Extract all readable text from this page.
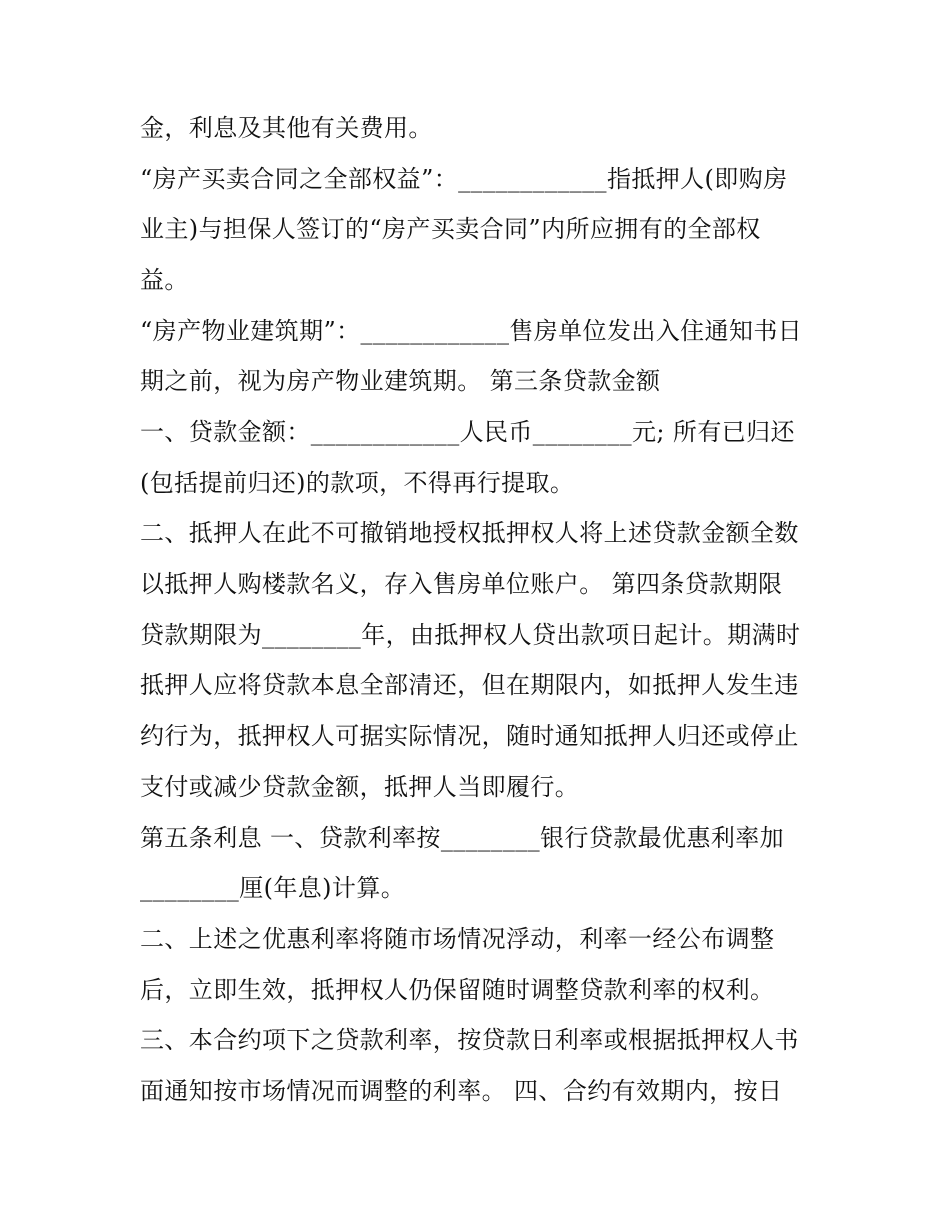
金，利息及其他有关费用。
“房产买卖合同之全部权益”：____________指抵押人(即购房
业主)与担保人签订的“房产买卖合同”内所应拥有的全部权
益。
“房产物业建筑期”：____________售房单位发出入住通知书日
期之前，视为房产物业建筑期。 第三条贷款金额
一、贷款金额：____________人民币________元; 所有已归还
(包括提前归还)的款项，不得再行提取。
二、抵押人在此不可撤销地授权抵押权人将上述贷款金额全数
以抵押人购楼款名义，存入售房单位账户。 第四条贷款期限
贷款期限为________年，由抵押权人贷出款项日起计。期满时
抵押人应将贷款本息全部清还，但在期限内，如抵押人发生违
约行为，抵押权人可据实际情况，随时通知抵押人归还或停止
支付或减少贷款金额，抵押人当即履行。
第五条利息 一、贷款利率按________银行贷款最优惠利率加
________厘(年息)计算。
二、上述之优惠利率将随市场情况浮动，利率一经公布调整
后，立即生效，抵押权人仍保留随时调整贷款利率的权利。
三、本合约项下之贷款利率，按贷款日利率或根据抵押权人书
面通知按市场情况而调整的利率。 四、合约有效期内，按日
